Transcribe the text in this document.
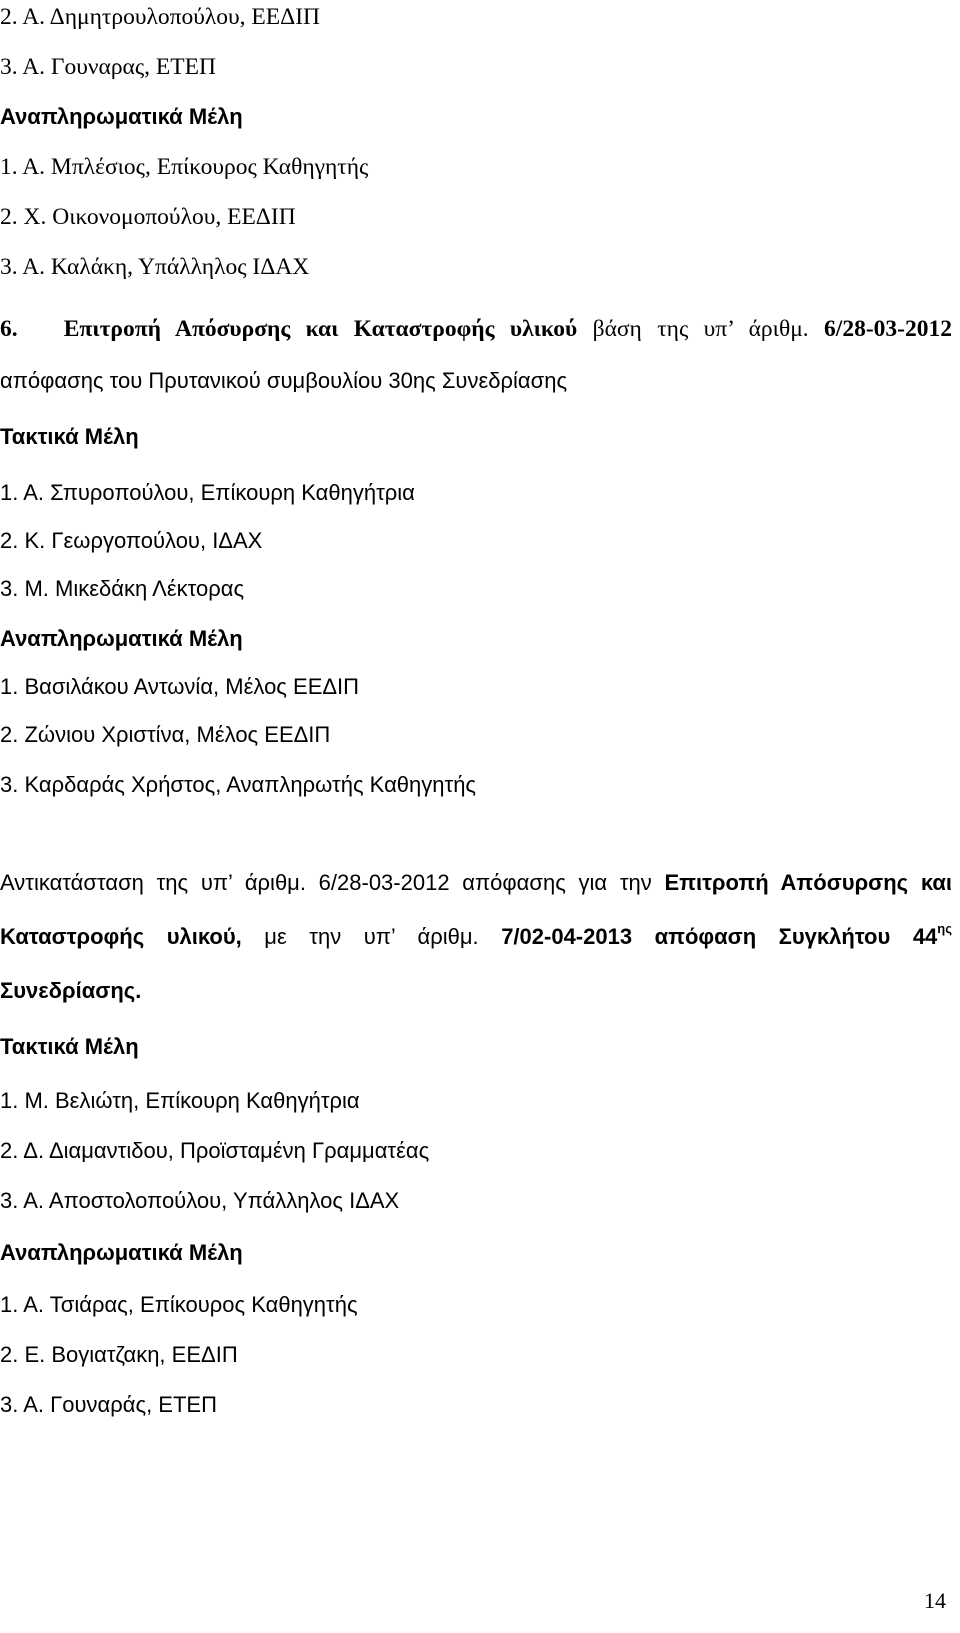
2. Α. Δημητρουλοπούλου, ΕΕΔΙΠ

3. Α. Γουναρας, ΕΤΕΠ

Αναπληρωματικά Μέλη

1. Α. Μπλέσιος, Επίκουρος Καθηγητής

2. Χ. Οικονομοπούλου, ΕΕΔΙΠ

3. Α. Καλάκη, Υπάλληλος ΙΔΑΧ

6. Επιτροπή Απόσυρσης και Καταστροφής υλικού βάση της υπ’ άριθμ. 6/28-03-2012

απόφασης του Πρυτανικού συμβουλίου 30ης Συνεδρίασης

Τακτικά Μέλη

1. Α. Σπυροπούλου, Επίκουρη Καθηγήτρια

2. Κ. Γεωργοπούλου, ΙΔΑΧ

3. Μ. Μικεδάκη Λέκτορας

Αναπληρωματικά Μέλη

1. Βασιλάκου Αντωνία, Μέλος ΕΕΔΙΠ

2. Ζώνιου Χριστίνα, Μέλος ΕΕΔΙΠ

3. Καρδαράς Χρήστος, Αναπληρωτής Καθηγητής

Αντικατάσταση της υπ’ άριθμ. 6/28-03-2012 απόφασης για την Επιτροπή Απόσυρσης και

Καταστροφής υλικού, με την υπ’ άριθμ. 7/02-04-2013 απόφαση Συγκλήτου $44^{\eta\varsigma}$

Συνεδρίασης.

Τακτικά Μέλη

1. Μ. Βελιώτη, Επίκουρη Καθηγήτρια

2. Δ. Διαμαντιδου, Προϊσταμένη Γραμματέας

3. Α. Αποστολοπούλου, Υπάλληλος ΙΔΑΧ

Αναπληρωματικά Μέλη

1. Α. Τσιάρας, Επίκουρος Καθηγητής

2. Ε. Βογιατζακη, ΕΕΔΙΠ

3. Α. Γουναράς, ΕΤΕΠ

14
